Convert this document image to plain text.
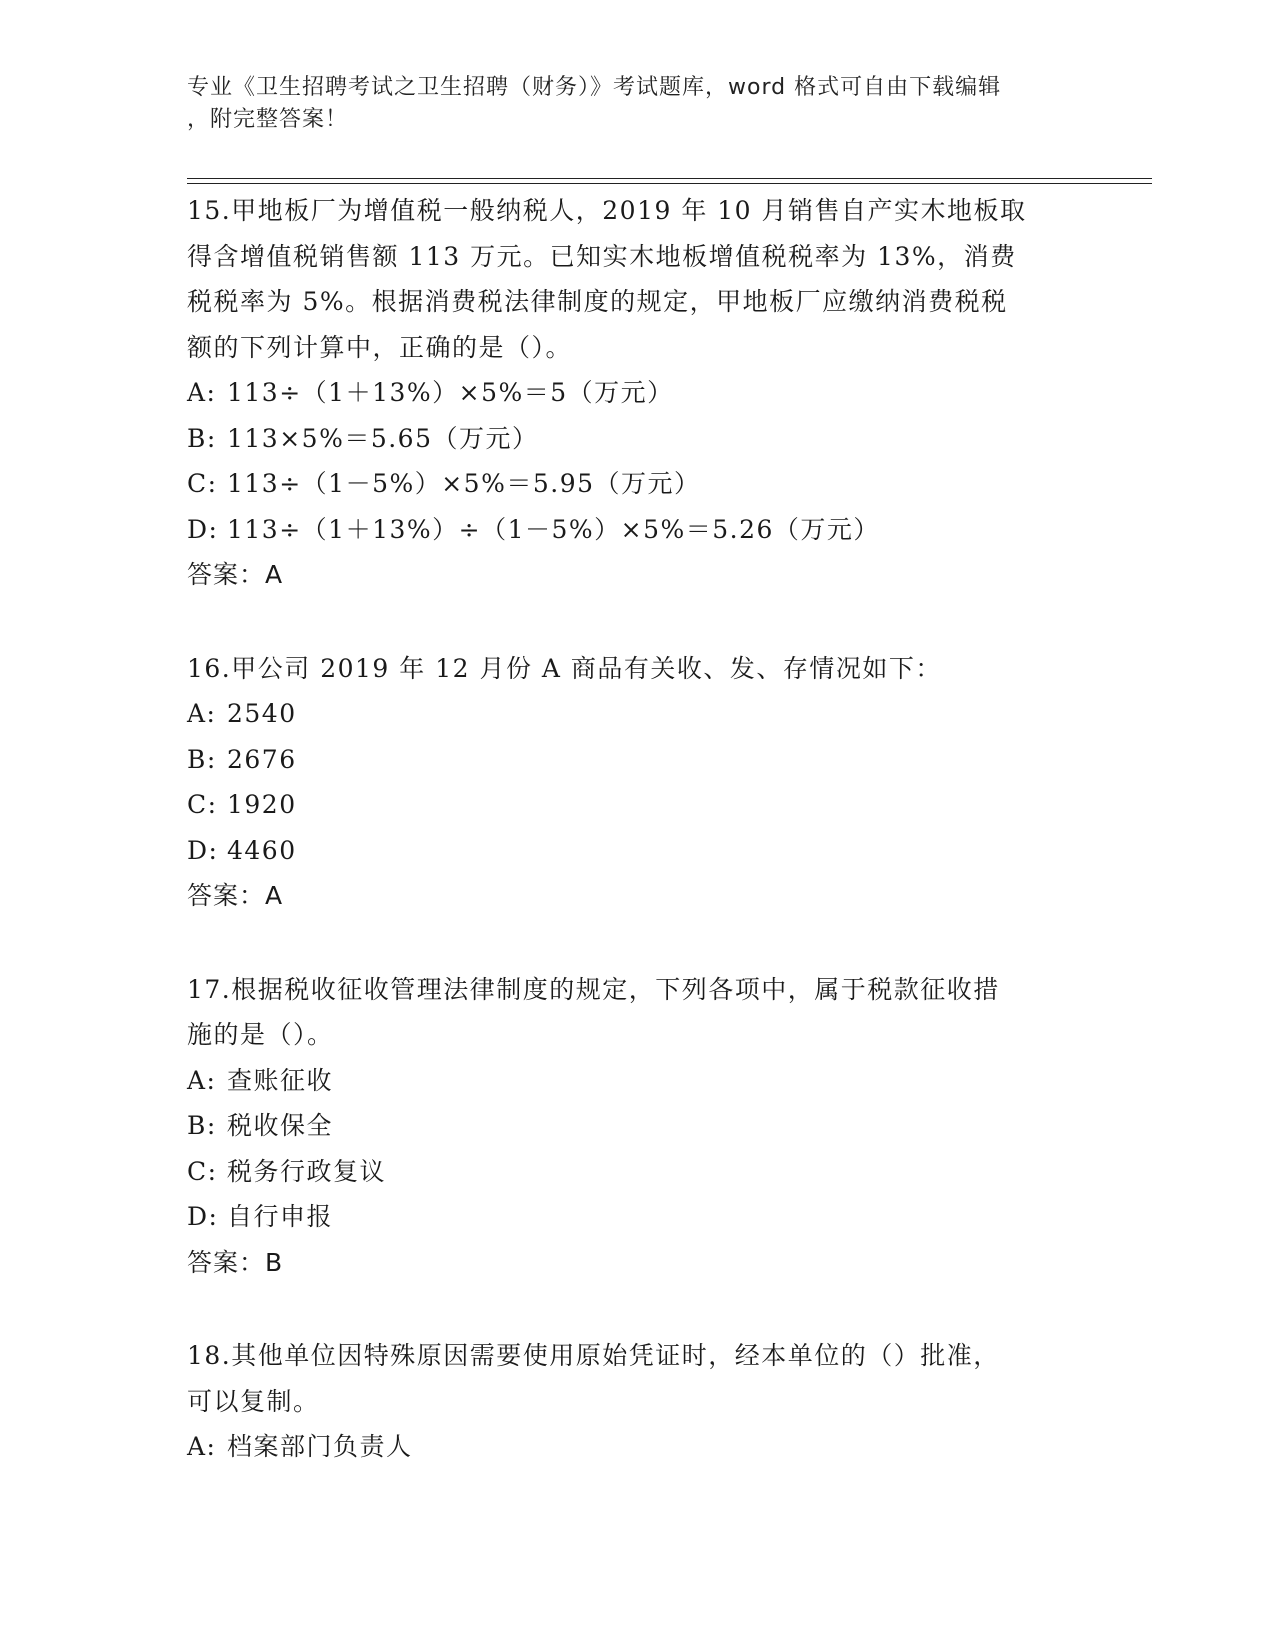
专业《卫生招聘考试之卫生招聘（财务）》考试题库，word 格式可自由下载编辑
，附完整答案！
15.甲地板厂为增值税一般纳税人，2019 年 10 月销售自产实木地板取
得含增值税销售额 113 万元。已知实木地板增值税税率为 13%，消费
税税率为 5%。根据消费税法律制度的规定，甲地板厂应缴纳消费税税
额的下列计算中，正确的是（）。
A: 113÷（1＋13%）×5%＝5（万元）
B: 113×5%＝5.65（万元）
C: 113÷（1－5%）×5%＝5.95（万元）
D: 113÷（1＋13%）÷（1－5%）×5%＝5.26（万元）
答案：A
16.甲公司 2019 年 12 月份 A 商品有关收、发、存情况如下：
A: 2540
B: 2676
C: 1920
D: 4460
答案：A
17.根据税收征收管理法律制度的规定，下列各项中，属于税款征收措
施的是（）。
A: 查账征收
B: 税收保全
C: 税务行政复议
D: 自行申报
答案：B
18.其他单位因特殊原因需要使用原始凭证时，经本单位的（）批准，
可以复制。
A: 档案部门负责人
